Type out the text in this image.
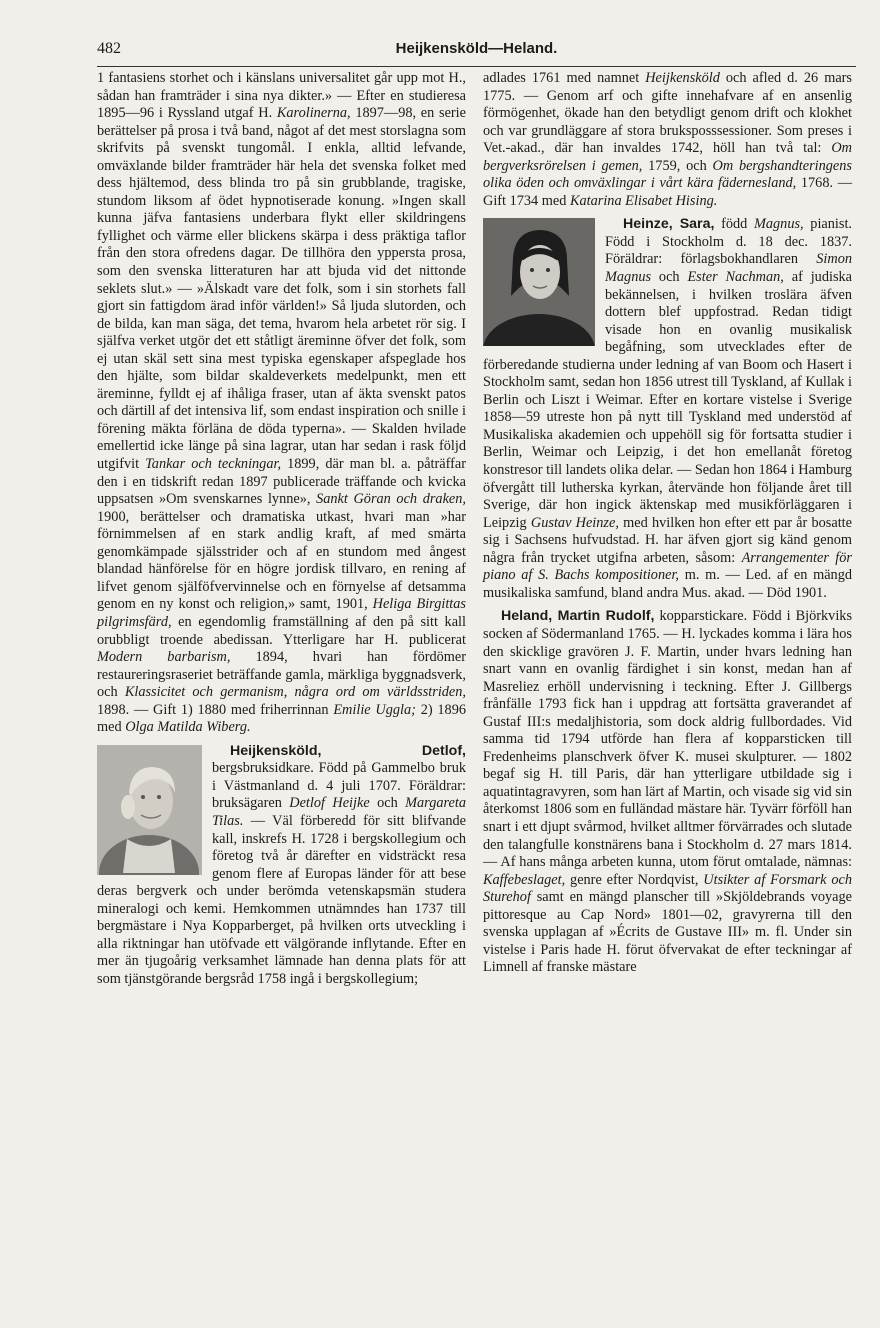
482	Heijkensköld—Heland.

1 fantasiens storhet och i känslans universalitet går upp mot H., sådan han framträder i sina nya dikter.» — Efter en studieresa 1895—96 i Ryssland utgaf H. Karolinerna, 1897—98, en serie berättelser på prosa i två band, något af det mest storslagna som skrifvits på svenskt tungomål. I enkla, alltid lefvande, omväxlande bilder framträder här hela det svenska folket med dess hjältemod, dess blinda tro på sin grubblande, tragiske, stundom liksom af ödet hypnotiserade konung. »Ingen skall kunna jäfva fantasiens underbara flykt eller skildringens fyllighet och värme eller blickens skärpa i dess präktiga taflor från den stora ofredens dagar. De tillhöra den yppersta prosa, som den svenska litteraturen har att bjuda vid det nittonde seklets slut.» — »Älskadt vare det folk, som i sin storhets fall gjort sin fattigdom ärad inför världen!» Så ljuda slutorden, och de bilda, kan man säga, det tema, hvarom hela arbetet rör sig. I själfva verket utgör det ett ståtligt äreminne öfver det folk, som ej utan skäl sett sina mest typiska egenskaper afspeglade hos den hjälte, som bildar skaldeverkets medelpunkt, men ett äreminne, fylldt ej af ihåliga fraser, utan af äkta svenskt patos och därtill af det intensiva lif, som endast inspiration och snille i förening mäkta förläna de döda typerna». — Skalden hvilade emellertid icke länge på sina lagrar, utan har sedan i rask följd utgifvit Tankar och teckningar, 1899, där man bl. a. påträffar den i en tidskrift redan 1897 publicerade träffande och kvicka uppsatsen »Om svenskarnes lynne», Sankt Göran och draken, 1900, berättelser och dramatiska utkast, hvari man »har förnimmelsen af en stark andlig kraft, af med smärta genomkämpade själsstrider och af en stundom med ångest blandad hänförelse för en högre jordisk tillvaro, en rening af lifvet genom själföfvervinnelse och en förnyelse af detsamma genom en ny konst och religion,» samt, 1901, Heliga Birgittas pilgrimsfärd, en egendomlig framställning af den på sitt kall orubbligt troende abedissan. Ytterligare har H. publicerat Modern barbarism, 1894, hvari han fördömer restaureringsraseriet beträffande gamla, märkliga byggnadsverk, och Klassicitet och germanism, några ord om världsstriden, 1898. — Gift 1) 1880 med friherrinnan Emilie Uggla; 2) 1896 med Olga Matilda Wiberg.

Heijkensköld, Detlof,
bergsbruksidkare. Född på Gammelbo bruk i Västmanland d. 4 juli 1707. Föräldrar: bruksägaren Detlof Heijke och Margareta Tilas. — Väl förberedd för sitt blifvande kall, inskrefs H. 1728 i bergskollegium och företog två år därefter en vidsträckt resa genom flere af Europas länder för att bese deras bergverk och under berömda vetenskapsmän studera mineralogi och kemi. Hemkommen utnämndes han 1737 till bergmästare i Nya Kopparberget, på hvilken orts utveckling i alla riktningar han utöfvade ett välgörande inflytande. Efter en mer än tjugoårig verksamhet lämnade han denna plats för att som tjänstgörande bergsråd 1758 ingå i bergskollegium;

adlades 1761 med namnet Heijkensköld och afled d. 26 mars 1775. — Genom arf och gifte innehafvare af en ansenlig förmögenhet, ökade han den betydligt genom drift och klokhet och var grundläggare af stora bruksposssessioner. Som preses i Vet.-akad., där han invaldes 1742, höll han två tal: Om bergverksrörelsen i gemen, 1759, och Om bergshandteringens olika öden och omväxlingar i vårt kära fädernesland, 1768. — Gift 1734 med Katarina Elisabet Hising.

Heinze, Sara,
född Magnus, pianist. Född i Stockholm d. 18 dec. 1837. Föräldrar: förlagsbokhandlaren Simon Magnus och Ester Nachman, af judiska bekännelsen, i hvilken troslära äfven dottern blef uppfostrad. Redan tidigt visade hon en ovanlig musikalisk begåfning, som utvecklades efter de förberedande studierna under ledning af van Boom och Hasert i Stockholm samt, sedan hon 1856 utrest till Tyskland, af Kullak i Berlin och Liszt i Weimar. Efter en kortare vistelse i Sverige 1858—59 utreste hon på nytt till Tyskland med understöd af Musikaliska akademien och uppehöll sig för fortsatta studier i Berlin, Weimar och Leipzig, i det hon emellanåt företog konstresor till landets olika delar. — Sedan hon 1864 i Hamburg öfvergått till lutherska kyrkan, återvände hon följande året till Sverige, där hon ingick äktenskap med musikförläggaren i Leipzig Gustav Heinze, med hvilken hon efter ett par år bosatte sig i Sachsens hufvudstad. H. har äfven gjort sig känd genom några från trycket utgifna arbeten, såsom: Arrangementer för piano af S. Bachs kompositioner, m. m. — Led. af en mängd musikaliska samfund, bland andra Mus. akad. — Död 1901.

Heland, Martin Rudolf, kopparstickare. Född i Björkviks socken af Södermanland 1765. — H. lyckades komma i lära hos den skicklige gravören J. F. Martin, under hvars ledning han snart vann en ovanlig färdighet i sin konst, medan han af Masreliez erhöll undervisning i teckning. Efter J. Gillbergs frånfälle 1793 fick han i uppdrag att fortsätta graverandet af Gustaf III:s medaljhistoria, som dock aldrig fullbordades. Vid samma tid 1794 utförde han flera af kopparsticken till Fredenheims planschverk öfver K. musei skulpturer. — 1802 begaf sig H. till Paris, där han ytterligare utbildade sig i aquatintagravyren, som han lärt af Martin, och visade sig vid sin återkomst 1806 som en fulländad mästare här. Tyvärr förföll han snart i ett djupt svårmod, hvilket alltmer förvärrades och slutade den talangfulle konstnärens bana i Stockholm d. 27 mars 1814. — Af hans många arbeten kunna, utom förut omtalade, nämnas: Kaffebeslaget, genre efter Nordqvist, Utsikter af Forsmark och Sturehof samt en mängd planscher till »Skjöldebrands voyage pittoresque au Cap Nord» 1801—02, gravyrerna till den svenska upplagan af »Écrits de Gustave III» m. fl. Under sin vistelse i Paris hade H. förut öfvervakat de efter teckningar af Limnell af franske mästare
